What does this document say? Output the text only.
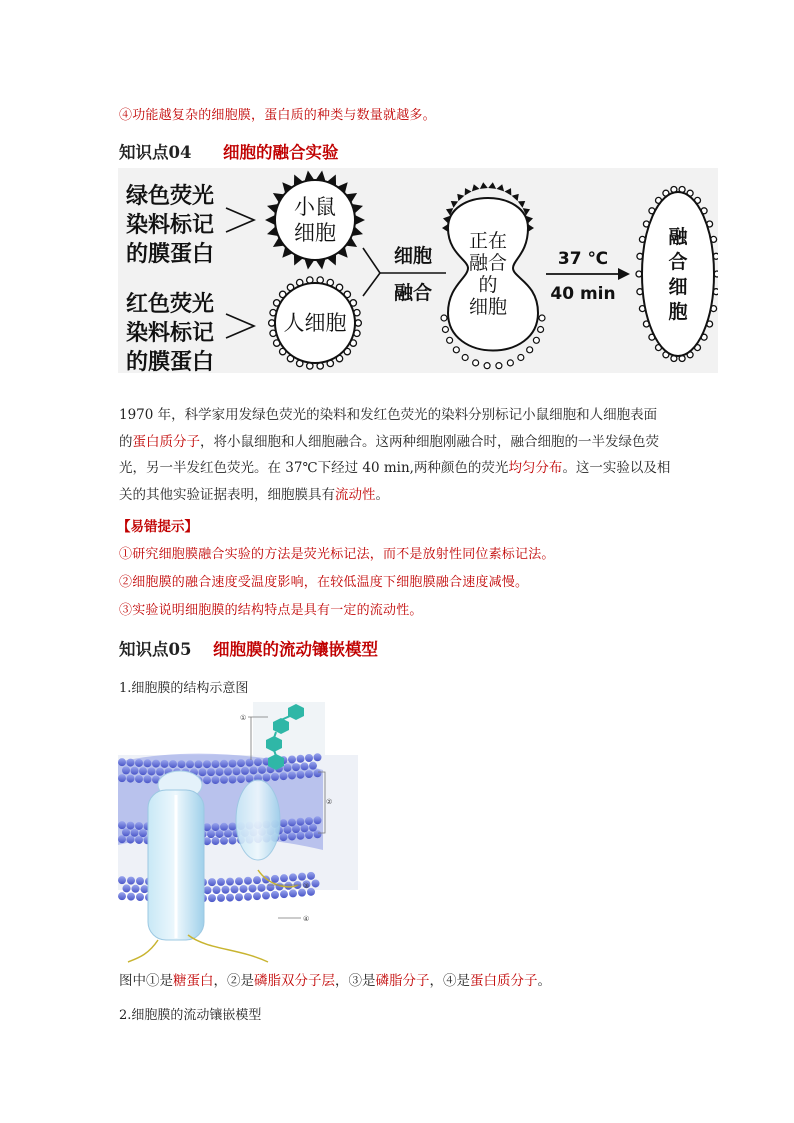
④功能越复杂的细胞膜，蛋白质的种类与数量就越多。
知识点04 细胞的融合实验
绿色荧光
染料标记
的膜蛋白
红色荧光
染料标记
的膜蛋白
小鼠
细胞
人细胞
细胞
融合
正在
融合
的
细胞
37 ℃
40 min
融
合
细
胞
1970 年，科学家用发绿色荧光的染料和发红色荧光的染料分别标记小鼠细胞和人细胞表面
的蛋白质分子，将小鼠细胞和人细胞融合。这两种细胞刚融合时，融合细胞的一半发绿色荧
光，另一半发红色荧光。在 37℃下经过 40 min,两种颜色的荧光均匀分布。这一实验以及相
关的其他实验证据表明，细胞膜具有流动性。
【易错提示】
①研究细胞膜融合实验的方法是荧光标记法，而不是放射性同位素标记法。
②细胞膜的融合速度受温度影响，在较低温度下细胞膜融合速度减慢。
③实验说明细胞膜的结构特点是具有一定的流动性。
知识点05 细胞膜的流动镶嵌模型
1.细胞膜的结构示意图
①
②
③
④
图中①是糖蛋白，②是磷脂双分子层，③是磷脂分子，④是蛋白质分子。
2.细胞膜的流动镶嵌模型
